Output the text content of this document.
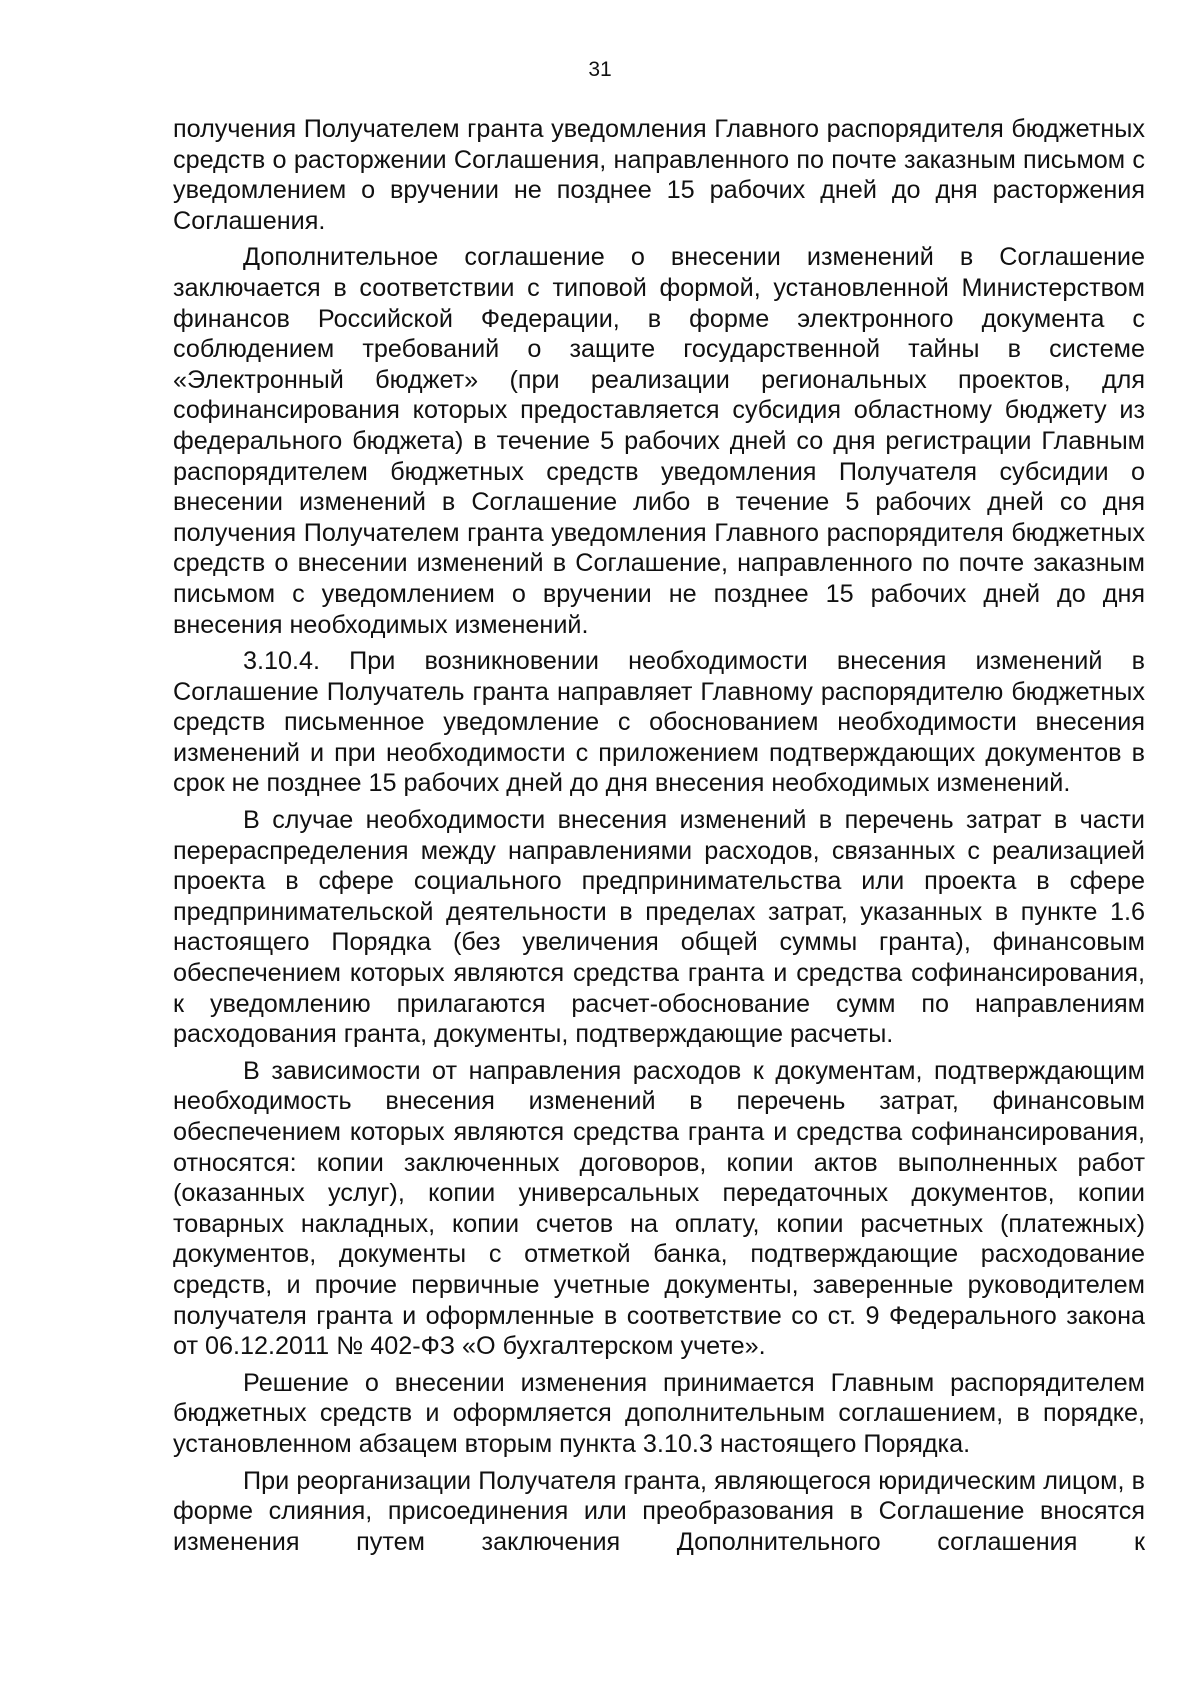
31

получения Получателем гранта уведомления Главного распорядителя бюджетных средств о расторжении Соглашения, направленного по почте заказным письмом с уведомлением о вручении не позднее 15 рабочих дней до дня расторжения Соглашения.

Дополнительное соглашение о внесении изменений в Соглашение заключается в соответствии с типовой формой, установленной Министерством финансов Российской Федерации, в форме электронного документа с соблюдением требований о защите государственной тайны в системе «Электронный бюджет» (при реализации региональных проектов, для софинансирования которых предоставляется субсидия областному бюджету из федерального бюджета) в течение 5 рабочих дней со дня регистрации Главным распорядителем бюджетных средств уведомления Получателя субсидии о внесении изменений в Соглашение либо в течение 5 рабочих дней со дня получения Получателем гранта уведомления Главного распорядителя бюджетных средств о внесении изменений в Соглашение, направленного по почте заказным письмом с уведомлением о вручении не позднее 15 рабочих дней до дня внесения необходимых изменений.

3.10.4. При возникновении необходимости внесения изменений в Соглашение Получатель гранта направляет Главному распорядителю бюджетных средств письменное уведомление с обоснованием необходимости внесения изменений и при необходимости с приложением подтверждающих документов в срок не позднее 15 рабочих дней до дня внесения необходимых изменений.

В случае необходимости внесения изменений в перечень затрат в части перераспределения между направлениями расходов, связанных с реализацией проекта в сфере социального предпринимательства или проекта в сфере предпринимательской деятельности в пределах затрат, указанных в пункте 1.6 настоящего Порядка (без увеличения общей суммы гранта), финансовым обеспечением которых являются средства гранта и средства софинансирования, к уведомлению прилагаются расчет-обоснование сумм по направлениям расходования гранта, документы, подтверждающие расчеты.

В зависимости от направления расходов к документам, подтверждающим необходимость внесения изменений в перечень затрат, финансовым обеспечением которых являются средства гранта и средства софинансирования, относятся: копии заключенных договоров, копии актов выполненных работ (оказанных услуг), копии универсальных передаточных документов, копии товарных накладных, копии счетов на оплату, копии расчетных (платежных) документов, документы с отметкой банка, подтверждающие расходование средств, и прочие первичные учетные документы, заверенные руководителем получателя гранта и оформленные в соответствие со ст. 9 Федерального закона от 06.12.2011 № 402-ФЗ «О бухгалтерском учете».

Решение о внесении изменения принимается Главным распорядителем бюджетных средств и оформляется дополнительным соглашением, в порядке, установленном абзацем вторым пункта 3.10.3 настоящего Порядка.

При реорганизации Получателя гранта, являющегося юридическим лицом, в форме слияния, присоединения или преобразования в Соглашение вносятся изменения путем заключения Дополнительного соглашения к
